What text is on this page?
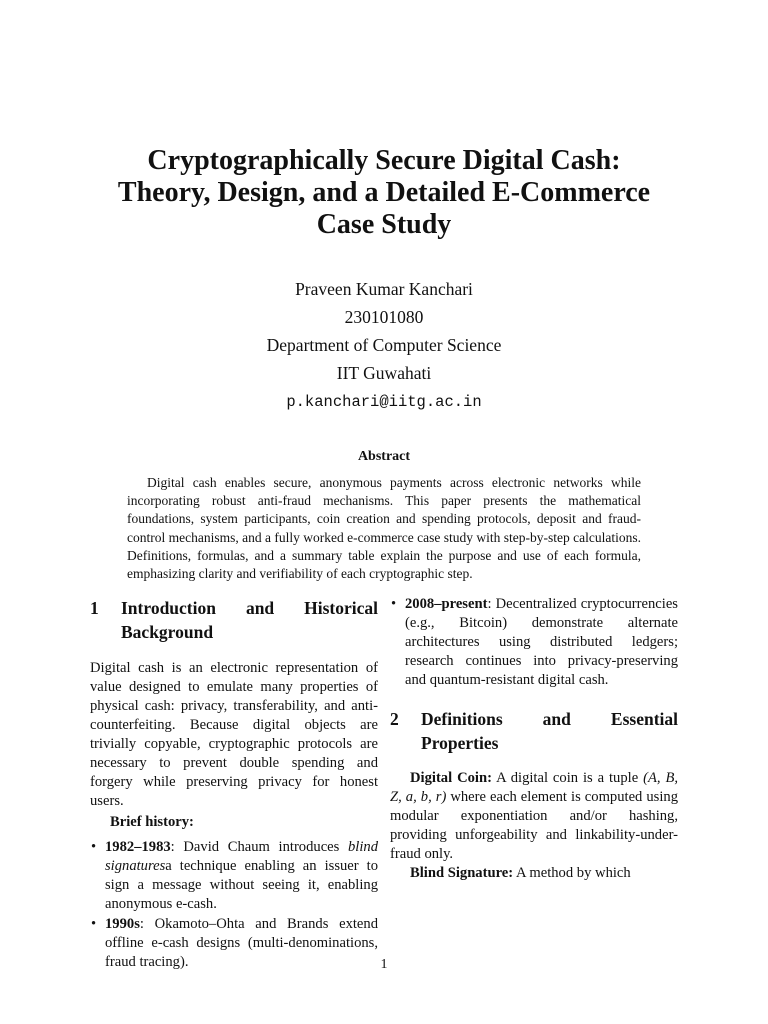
Cryptographically Secure Digital Cash:
Theory, Design, and a Detailed E-Commerce
Case Study
Praveen Kumar Kanchari
230101080
Department of Computer Science
IIT Guwahati
p.kanchari@iitg.ac.in
Abstract

Digital cash enables secure, anonymous payments across electronic networks while incorporating robust anti-fraud mechanisms. This paper presents the mathematical foundations, system participants, coin creation and spending protocols, deposit and fraud-control mechanisms, and a fully worked e-commerce case study with step-by-step calculations. Definitions, formulas, and a summary table explain the purpose and use of each formula, emphasizing clarity and verifiability of each cryptographic step.

1	Introduction and Historical Background

Digital cash is an electronic representation of value designed to emulate many properties of physical cash: privacy, transferability, and anti-counterfeiting. Because digital objects are trivially copyable, cryptographic protocols are necessary to prevent double spending and forgery while preserving privacy for honest users.

Brief history:

• 1982–1983: David Chaum introduces blind signaturesa technique enabling an issuer to sign a message without seeing it, enabling anonymous e-cash.
• 1990s: Okamoto–Ohta and Brands extend offline e-cash designs (multi-denominations, fraud tracing).
• 2008–present: Decentralized cryptocurrencies (e.g., Bitcoin) demonstrate alternate architectures using distributed ledgers; research continues into privacy-preserving and quantum-resistant digital cash.
2	Definitions and Essential Properties

Digital Coin: A digital coin is a tuple (A, B, Z, a, b, r) where each element is computed using modular exponentiation and/or hashing, providing unforgeability and linkability-under-fraud only.

Blind Signature: A method by which

1
